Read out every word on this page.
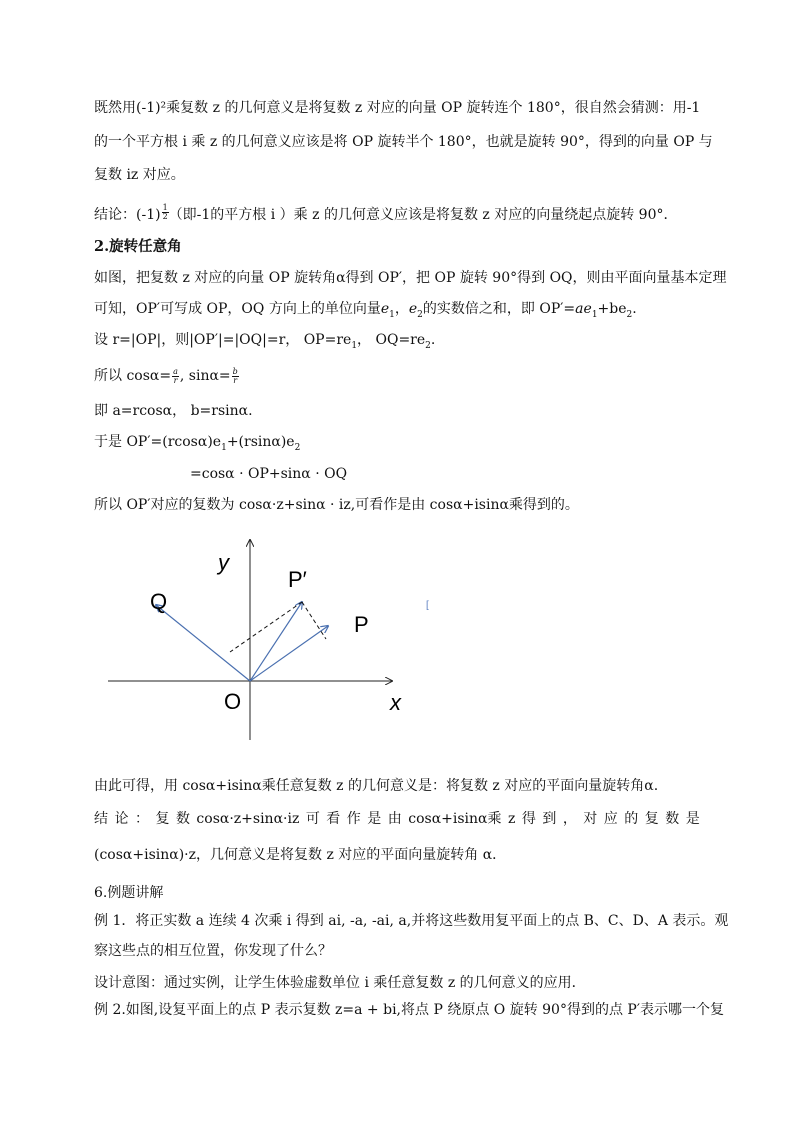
既然用(-1)²乘复数 z 的几何意义是将复数 z 对应的向量 OP 旋转连个 180°，很自然会猜测：用-1
的一个平方根 i 乘 z 的几何意义应该是将 OP 旋转半个 180°，也就是旋转 90°，得到的向量 OP 与
复数 iz 对应。
结论：$(-1) \frac{1}{2}$ （即-1的平方根 i ）乘 z 的几何意义应该是将复数 z 对应的向量绕起点旋转 90°．
2.旋转任意角
如图，把复数 z 对应的向量 OP 旋转角α得到 OP′，把 OP 旋转 90°得到 OQ，则由平面向量基本定理
可知，OP′可写成 OP，OQ 方向上的单位向量$e_1$，$e_2$的实数倍之和，即 $OP'=ae_1+be_2$.
设 r=|OP|，则|OP′|=|OQ|=r， $OP=re_1$， $OQ=re_2$.
所以 $\cos\alpha= \frac{a}{r}$ , $\sin\alpha= \frac{b}{r}$
即 a=rcosα， b=rsinα.
于是 $OP'=(rcos\alpha)e_1+(rsin\alpha)e_2$
=cosα · OP+sinα · OQ
所以 OP′对应的复数为 cosα·z+sinα · iz,可看作是由 cosα+isinα乘得到的。
y
x
O
Q
P
P′
[
由此可得，用 cosα+isinα乘任意复数 z 的几何意义是：将复数 z 对应的平面向量旋转角α.
结 论 ： 复 数 cosα·z+sinα·iz 可 看 作 是 由 cosα+isinα乘 z 得 到 ， 对 应 的 复 数 是
(cosα+isinα)·z，几何意义是将复数 z 对应的平面向量旋转角 α．
6.例题讲解
例 1．将正实数 a 连续 4 次乘 i 得到 ai, -a, -ai, a,并将这些数用复平面上的点 B、C、D、A 表示。观
察这些点的相互位置，你发现了什么？
设计意图：通过实例，让学生体验虚数单位 i 乘任意复数 z 的几何意义的应用．
例 2.如图,设复平面上的点 P 表示复数 z=a + bi,将点 P 绕原点 O 旋转 90°得到的点 P′表示哪一个复
